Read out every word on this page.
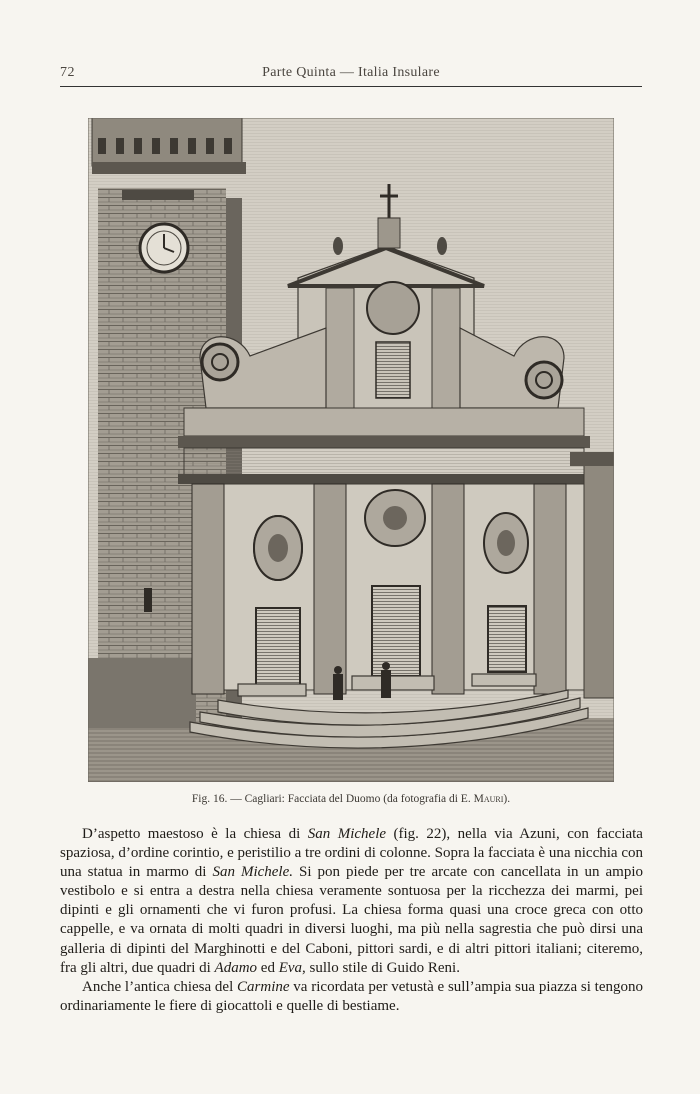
72	Parte Quinta — Italia Insulare
Fig. 16. — Cagliari: Facciata del Duomo (da fotografia di E. Mauri).

D’aspetto maestoso è la chiesa di San Michele (fig. 22), nella via Azuni, con facciata spaziosa, d’ordine corintio, e peristilio a tre ordini di colonne. Sopra la facciata è una nicchia con una statua in marmo di San Michele. Si pon piede per tre arcate con cancellata in un ampio vestibolo e si entra a destra nella chiesa veramente sontuosa per la ricchezza dei marmi, pei dipinti e gli ornamenti che vi furon profusi. La chiesa forma quasi una croce greca con otto cappelle, e va ornata di molti quadri in diversi luoghi, ma più nella sagrestia che può dirsi una galleria di dipinti del Marghinotti e del Caboni, pittori sardi, e di altri pittori italiani; citeremo, fra gli altri, due quadri di Adamo ed Eva, sullo stile di Guido Reni.

Anche l’antica chiesa del Carmine va ricordata per vetustà e sull’ampia sua piazza si tengono ordinariamente le fiere di giocattoli e quelle di bestiame.
